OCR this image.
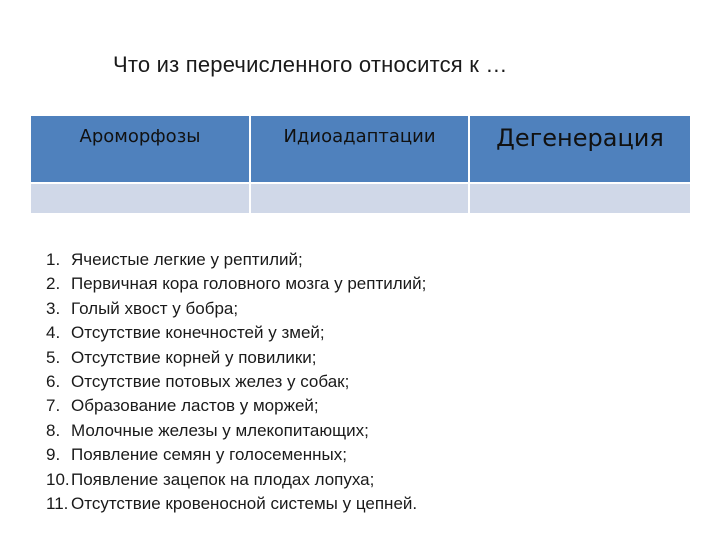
Что из перечисленного относится к …
Ароморфозы	Идиоадаптации	Дегенерация

1. Ячеистые легкие у рептилий;
2. Первичная кора головного мозга у рептилий;
3. Голый хвост у бобра;
4. Отсутствие конечностей у змей;
5. Отсутствие корней у повилики;
6. Отсутствие потовых желез у собак;
7. Образование ластов у моржей;
8. Молочные железы у млекопитающих;
9. Появление семян у голосеменных;
10.Появление зацепок на плодах лопуха;
11. Отсутствие кровеносной системы у цепней.
